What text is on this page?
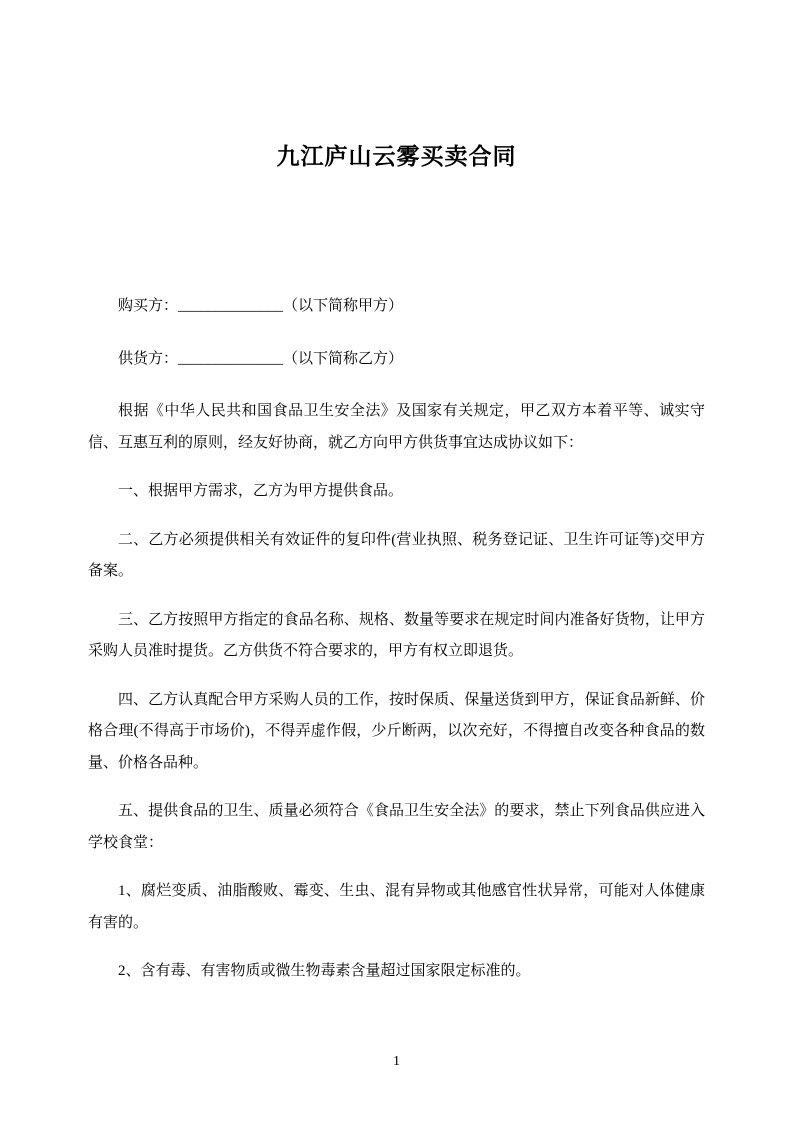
九江庐山云雾买卖合同

购买方：______________（以下简称甲方）

供货方：______________（以下简称乙方）

根据《中华人民共和国食品卫生安全法》及国家有关规定，甲乙双方本着平等、诚实守信、互惠互利的原则，经友好协商，就乙方向甲方供货事宜达成协议如下：

一、根据甲方需求，乙方为甲方提供食品。

二、乙方必须提供相关有效证件的复印件(营业执照、税务登记证、卫生许可证等)交甲方备案。

三、乙方按照甲方指定的食品名称、规格、数量等要求在规定时间内准备好货物，让甲方采购人员准时提货。乙方供货不符合要求的，甲方有权立即退货。

四、乙方认真配合甲方采购人员的工作，按时保质、保量送货到甲方，保证食品新鲜、价格合理(不得高于市场价)，不得弄虚作假，少斤断两，以次充好，不得擅自改变各种食品的数量、价格各品种。

五、提供食品的卫生、质量必须符合《食品卫生安全法》的要求，禁止下列食品供应进入学校食堂：

1、腐烂变质、油脂酸败、霉变、生虫、混有异物或其他感官性状异常，可能对人体健康有害的。

2、含有毒、有害物质或微生物毒素含量超过国家限定标准的。

1
